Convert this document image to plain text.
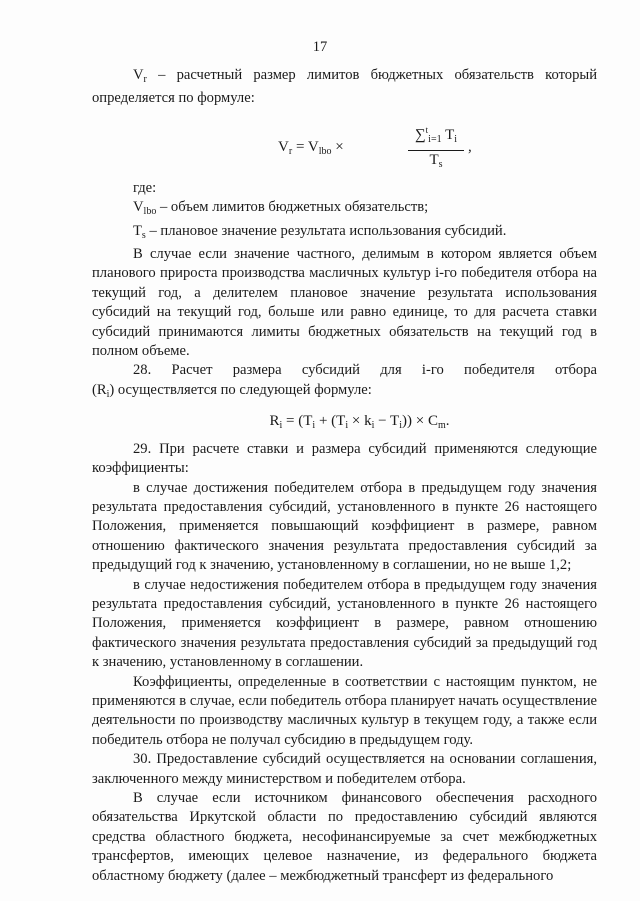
17

$V_r$ – расчетный размер лимитов бюджетных обязательств который определяется по формуле:

$V_r = V_{lbo}$ ×	$\frac{\sum^t_{i=1} T_i}{T_s}$ ,

где:

$V_{lbo}$ – объем лимитов бюджетных обязательств;

$T_s$ – плановое значение результата использования субсидий.

В случае если значение частного, делимым в котором является объем планового прироста производства масличных культур i-го победителя отбора на текущий год, а делителем плановое значение результата использования субсидий на текущий год, больше или равно единице, то для расчета ставки субсидий принимаются лимиты бюджетных обязательств на текущий год в полном объеме.

28. Расчет размера субсидий для i-го победителя отбора

$(R_i)$ осуществляется по следующей формуле:

$R_i = (T_i + (T_i \times k_i - T_i)) \times C_m$.

29. При расчете ставки и размера субсидий применяются следующие коэффициенты:

в случае достижения победителем отбора в предыдущем году значения результата предоставления субсидий, установленного в пункте 26 настоящего Положения, применяется повышающий коэффициент в размере, равном отношению фактического значения результата предоставления субсидий за предыдущий год к значению, установленному в соглашении, но не выше 1,2;

в случае недостижения победителем отбора в предыдущем году значения результата предоставления субсидий, установленного в пункте 26 настоящего Положения, применяется коэффициент в размере, равном отношению фактического значения результата предоставления субсидий за предыдущий год к значению, установленному в соглашении.

Коэффициенты, определенные в соответствии с настоящим пунктом, не применяются в случае, если победитель отбора планирует начать осуществление деятельности по производству масличных культур в текущем году, а также если победитель отбора не получал субсидию в предыдущем году.

30. Предоставление субсидий осуществляется на основании соглашения, заключенного между министерством и победителем отбора.

В случае если источником финансового обеспечения расходного обязательства Иркутской области по предоставлению субсидий являются средства областного бюджета, несофинансируемые за счет межбюджетных трансфертов, имеющих целевое назначение, из федерального бюджета областному бюджету (далее – межбюджетный трансферт из федерального
